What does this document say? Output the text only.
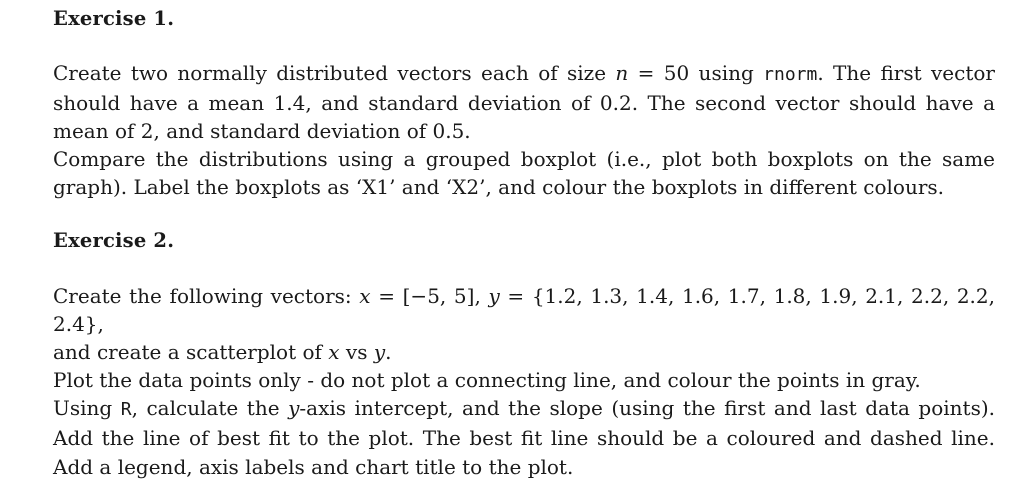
Exercise 1.
Create two normally distributed vectors each of size n = 50 using rnorm. The first vector
should have a mean 1.4, and standard deviation of 0.2. The second vector should have a
mean of 2, and standard deviation of 0.5.
Compare the distributions using a grouped boxplot (i.e., plot both boxplots on the same
graph). Label the boxplots as ‘X1’ and ‘X2’, and colour the boxplots in different colours.
Exercise 2.
Create the following vectors: x = [−5, 5], y = {1.2, 1.3, 1.4, 1.6, 1.7, 1.8, 1.9, 2.1, 2.2, 2.2, 2.4},
and create a scatterplot of x vs y.
Plot the data points only - do not plot a connecting line, and colour the points in gray.
Using R, calculate the y-axis intercept, and the slope (using the first and last data points).
Add the line of best fit to the plot. The best fit line should be a coloured and dashed line.
Add a legend, axis labels and chart title to the plot.
